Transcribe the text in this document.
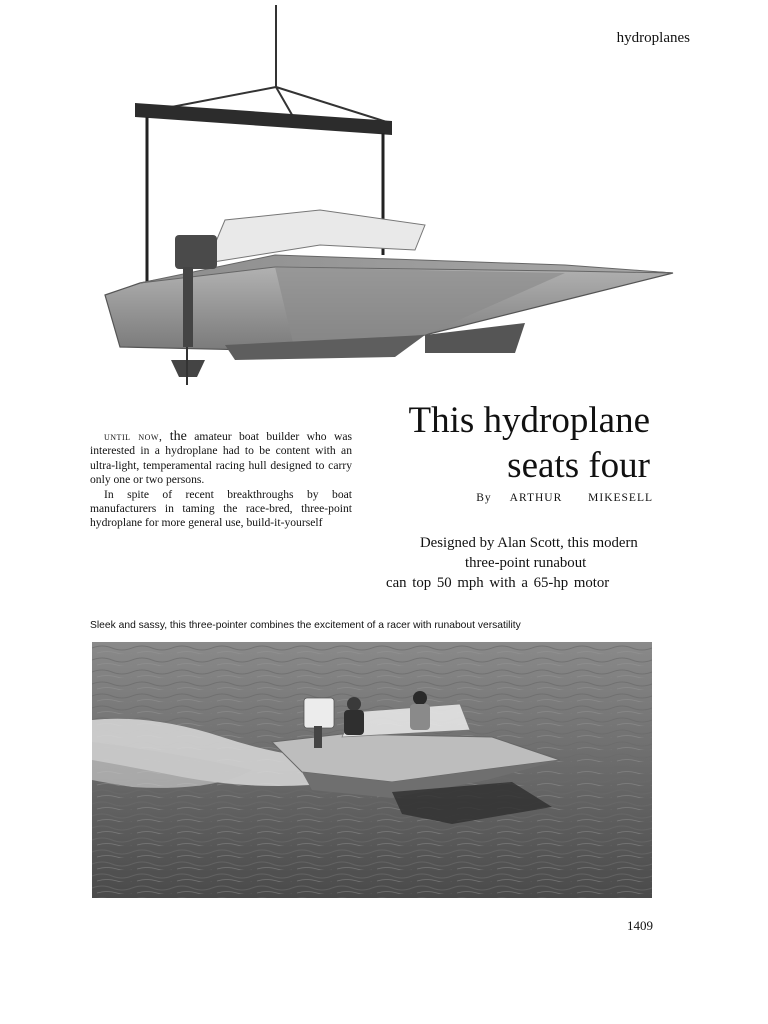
hydroplanes

until now, the amateur boat builder who was interested in a hydroplane had to be content with an ultra-light, temperamental racing hull designed to carry only one or two persons.

In spite of recent breakthroughs by boat manufacturers in taming the race-bred, three-point hydroplane for more general use, build-it-yourself

This hydroplane
seats four
By ARTHUR MIKESELL
Designed by Alan Scott, this modern
three-point runabout
can top 50 mph with a 65-hp motor
Sleek and sassy, this three-pointer combines the excitement of a racer with runabout versatility
1409
